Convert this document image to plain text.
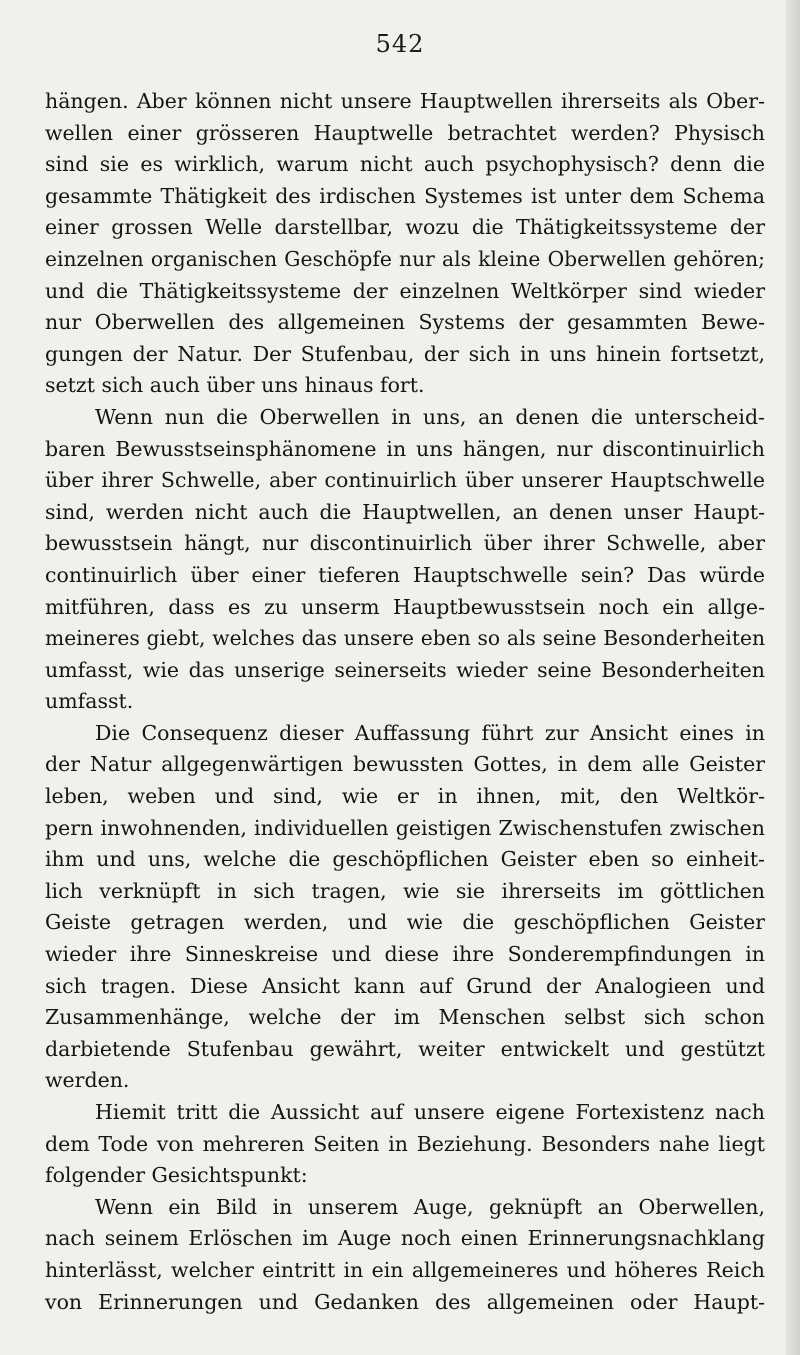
542
hängen. Aber können nicht unsere Hauptwellen ihrerseits als Ober-
wellen einer grösseren Hauptwelle betrachtet werden? Physisch
sind sie es wirklich, warum nicht auch psychophysisch? denn die
gesammte Thätigkeit des irdischen Systemes ist unter dem Schema
einer grossen Welle darstellbar, wozu die Thätigkeitssysteme der
einzelnen organischen Geschöpfe nur als kleine Oberwellen gehören;
und die Thätigkeitssysteme der einzelnen Weltkörper sind wieder
nur Oberwellen des allgemeinen Systems der gesammten Bewe-
gungen der Natur. Der Stufenbau, der sich in uns hinein fortsetzt,
setzt sich auch über uns hinaus fort.
Wenn nun die Oberwellen in uns, an denen die unterscheid-
baren Bewusstseinsphänomene in uns hängen, nur discontinuirlich
über ihrer Schwelle, aber continuirlich über unserer Hauptschwelle
sind, werden nicht auch die Hauptwellen, an denen unser Haupt-
bewusstsein hängt, nur discontinuirlich über ihrer Schwelle, aber
continuirlich über einer tieferen Hauptschwelle sein? Das würde
mitführen, dass es zu unserm Hauptbewusstsein noch ein allge-
meineres giebt, welches das unsere eben so als seine Besonderheiten
umfasst, wie das unserige seinerseits wieder seine Besonderheiten
umfasst.
Die Consequenz dieser Auffassung führt zur Ansicht eines in
der Natur allgegenwärtigen bewussten Gottes, in dem alle Geister
leben, weben und sind, wie er in ihnen, mit, den Weltkör-
pern inwohnenden, individuellen geistigen Zwischenstufen zwischen
ihm und uns, welche die geschöpflichen Geister eben so einheit-
lich verknüpft in sich tragen, wie sie ihrerseits im göttlichen
Geiste getragen werden, und wie die geschöpflichen Geister
wieder ihre Sinneskreise und diese ihre Sonderempfindungen in
sich tragen. Diese Ansicht kann auf Grund der Analogieen und
Zusammenhänge, welche der im Menschen selbst sich schon
darbietende Stufenbau gewährt, weiter entwickelt und gestützt
werden.
Hiemit tritt die Aussicht auf unsere eigene Fortexistenz nach
dem Tode von mehreren Seiten in Beziehung. Besonders nahe liegt
folgender Gesichtspunkt:
Wenn ein Bild in unserem Auge, geknüpft an Oberwellen,
nach seinem Erlöschen im Auge noch einen Erinnerungsnachklang
hinterlässt, welcher eintritt in ein allgemeineres und höheres Reich
von Erinnerungen und Gedanken des allgemeinen oder Haupt-
